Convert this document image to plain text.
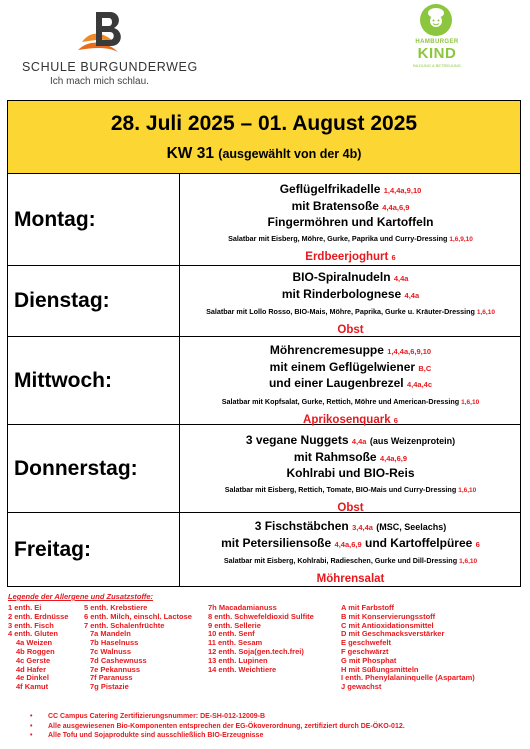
SCHULE BURGUNDERWEG
Ich mach mich schlau.
HAMBURGER
KIND
BILDUNG & BETREUUNG
28. Juli 2025 – 01. August 2025
KW 31 (ausgewählt von der 4b)
Montag:
Geflügelfrikadelle 1,4,4a,9,10
mit Bratensoße 4,4a,6,9
Fingermöhren und Kartoffeln
Salatbar mit Eisberg, Möhre, Gurke, Paprika und Curry-Dressing 1,6,9,10
Erdbeerjoghurt 6
Dienstag:
BIO-Spiralnudeln 4,4a
mit Rinderbolognese 4,4a
Salatbar mit Lollo Rosso, BIO-Mais, Möhre, Paprika, Gurke u. Kräuter-Dressing 1,6,10
Obst
Mittwoch:
Möhrencremesuppe 1,4,4a,6,9,10
mit einem Geflügelwiener B,C
und einer Laugenbrezel 4,4a,4c
Salatbar mit Kopfsalat, Gurke, Rettich, Möhre und American-Dressing 1,6,10
Aprikosenquark 6
Donnerstag:
3 vegane Nuggets 4,4a (aus Weizenprotein)
mit Rahmsoße 4,4a,6,9
Kohlrabi und BIO-Reis
Salatbar mit Eisberg, Rettich, Tomate, BIO-Mais und Curry-Dressing 1,6,10
Obst
Freitag:
3 Fischstäbchen 3,4,4a (MSC, Seelachs)
mit Petersiliensoße 4,4a,6,9 und Kartoffelpüree 6
Salatbar mit Eisberg, Kohlrabi, Radieschen, Gurke und Dill-Dressing 1,6,10
Möhrensalat
Legende der Allergene und Zusatzstoffe:
1 enth. Ei
2 enth. Erdnüsse
3 enth. Fisch
4 enth. Gluten
4a Weizen
4b Roggen
4c Gerste
4d Hafer
4e Dinkel
4f Kamut
5 enth. Krebstiere
6 enth. Milch, einschl. Lactose
7 enth. Schalenfrüchte
7a Mandeln
7b Haselnuss
7c Walnuss
7d Cashewnuss
7e Pekannuss
7f Paranuss
7g Pistazie
7h Macadamianuss
8 enth. Schwefeldioxid Sulfite
9 enth. Sellerie
10 enth. Senf
11 enth. Sesam
12 enth. Soja(gen.tech.frei)
13 enth. Lupinen
14 enth. Weichtiere
A mit Farbstoff
B mit Konservierungsstoff
C mit Antioxidationsmittel
D mit Geschmacksverstärker
E geschwefelt
F geschwärzt
G mit Phosphat
H mit Süßungsmitteln
I enth. Phenylalaninquelle (Aspartam)
J gewachst
• CC Campus Catering Zertifizierungsnummer: DE-SH-012-12009-B
• Alle ausgewiesenen Bio-Komponenten entsprechen der EG-Ökoverordnung, zertifiziert durch DE-ÖKO-012.
• Alle Tofu und Sojaprodukte sind ausschließlich BIO-Erzeugnisse
